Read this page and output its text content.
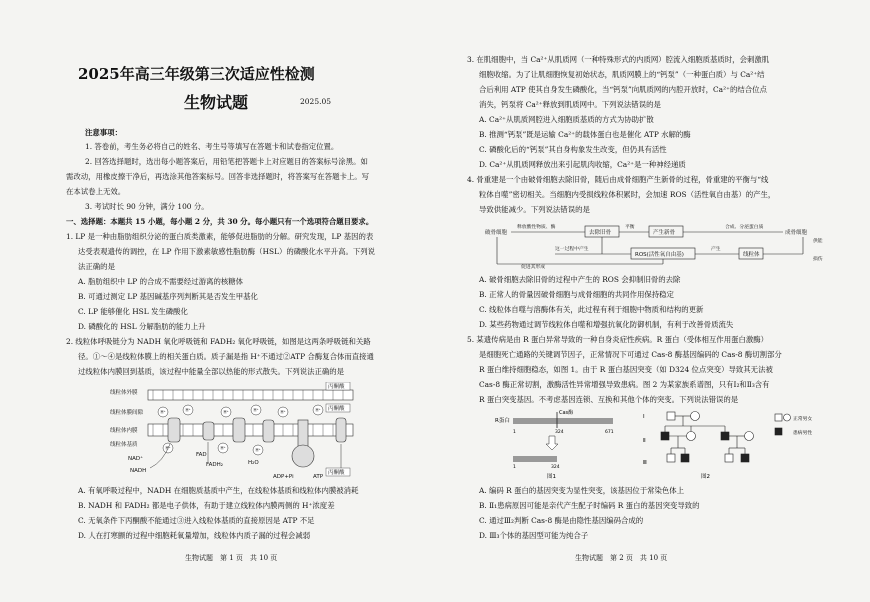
2025年高三年级第三次适应性检测
生物试题	2025.05
注意事项：
1. 答卷前，考生务必将自己的姓名、考生号等填写在答题卡和试卷指定位置。
2. 回答选择题时，选出每小题答案后，用铅笔把答题卡上对应题目的答案标号涂黑。如
需改动，用橡皮擦干净后，再选涂其他答案标号。回答非选择题时，将答案写在答题卡上。写
在本试卷上无效。
3. 考试时长 90 分钟，满分 100 分。
一、选择题：本题共 15 小题，每小题 2 分，共 30 分。每小题只有一个选项符合题目要求。
1. LP 是一种由脂肪组织分泌的蛋白质类激素，能够促进脂肪的分解。研究发现，LP 基因的表
达受表观遗传的调控，在 LP 作用下激素敏感性脂肪酶（HSL）的磷酸化水平升高。下列说
法正确的是
A. 脂肪组织中 LP 的合成不需要经过游离的核糖体
B. 可通过测定 LP 基因碱基序列判断其是否发生甲基化
C. LP 能够催化 HSL 发生磷酸化
D. 磷酸化的 HSL 分解脂肪的能力上升
2. 线粒体呼吸链分为 NADH 氧化呼吸链和 FADH₂ 氧化呼吸链，如图是这两条呼吸链和关路
径。①～④是线粒体膜上的相关蛋白质。质子漏是指 H⁺不通过②ATP 合酶复合体而直接通
过线粒体内膜回到基质，该过程中能量全部以热能的形式散失。下列说法正确的是
H⁺	H⁺	H⁺	H⁺	H⁺	H⁺
H⁺	H⁺	H⁺
线粒体外膜
线粒体膜间隙
线粒体内膜
线粒体基质
NAD⁺
NADH
FAD
FADH₂	H₂O
ADP+Pi	ATP
丙酮酸
丙酮酸
丙酮酸
A. 有氧呼吸过程中，NADH 在细胞质基质中产生，在线粒体基质和线粒体内膜被消耗
B. NADH 和 FADH₂ 都是电子供体，有助于建立线粒体内膜两侧的 H⁺浓度差
C. 无氧条件下丙酮酸不能通过③进入线粒体基质的直接原因是 ATP 不足
D. 人在打寒颤的过程中细胞耗氧量增加，线粒体内质子漏的过程会减弱
生物试题　第 1 页　共 10 页
3. 在肌细胞中，当 Ca²⁺从肌质网（一种特殊形式的内质网）腔流入细胞质基质时，会刺激肌
细胞收缩。为了让肌细胞恢复初始状态，肌质网膜上的“钙泵”（一种蛋白质）与 Ca²⁺结
合后利用 ATP 使其自身发生磷酸化，当“钙泵”向肌质网的内腔开放时，Ca²⁺的结合位点
消失，钙泵将 Ca²⁺释放到肌质网中。下列说法错误的是
A. Ca²⁺从肌质网腔进入细胞质基质的方式为协助扩散
B. 推测“钙泵”既是运输 Ca²⁺的载体蛋白也是催化 ATP 水解的酶
C. 磷酸化后的“钙泵”其自身构象发生改变，但仍具有活性
D. Ca²⁺从肌质网释放出来引起肌肉收缩，Ca²⁺是一种神经递质
4. 骨重建是一个由破骨细胞去除旧骨，随后由成骨细胞产生新骨的过程，骨重建的平衡与“线
粒体自噬”密切相关。当细胞内受损线粒体积累时，会加速 ROS（活性氧自由基）的产生，
导致供能减少。下列说法错误的是
破骨细胞	去除旧骨	产生新骨	成骨细胞
ROS(活性氧自由基)	线粒体
释放酸性物质、酶	平衡	合成、分泌蛋白质
这一过程中产生	产生
促进其形成
供能
损伤
A. 破骨细胞去除旧骨的过程中产生的 ROS 会抑制旧骨的去除
B. 正常人的骨量因破骨细胞与成骨细胞的共同作用保持稳定
C. 线粒体自噬与溶酶体有关，此过程有利于细胞中物质和结构的更新
D. 某些药物通过调节线粒体自噬和增强抗氧化防御机制，有利于改善骨质流失
5. 某遗传病是由 R 蛋白异常导致的一种自身炎症性疾病。R 蛋白（受体相互作用蛋白激酶）
是细胞死亡通路的关键调节因子，正常情况下可通过 Cas-8 酶基因编码的 Cas-8 酶切割部分
R 蛋白维持细胞稳态，如图 1。由于 R 蛋白基因突变（如 D324 位点突变）导致其无法被
Cas-8 酶正常切割，激酶活性异常增强导致患病。图 2 为某家族系谱图，只有Ⅰ₂和Ⅱ₃含有
R 蛋白突变基因。不考虑基因连锁、互换和其他个体的突变。下列说法错误的是
R蛋白
Cas酶
1	324	671
1	324
图1
Ⅰ
Ⅱ
Ⅲ
图2
正常男女
患病男性
A. 编码 R 蛋白的基因突变为显性突变，该基因位于常染色体上
B. Ⅱ₁患病原因可能是亲代产生配子时编码 R 蛋白的基因突变导致的
C. 通过Ⅲ₂判断 Cas-8 酶是由隐性基因编码合成的
D. Ⅲ₃个体的基因型可能为纯合子
生物试题　第 2 页　共 10 页
